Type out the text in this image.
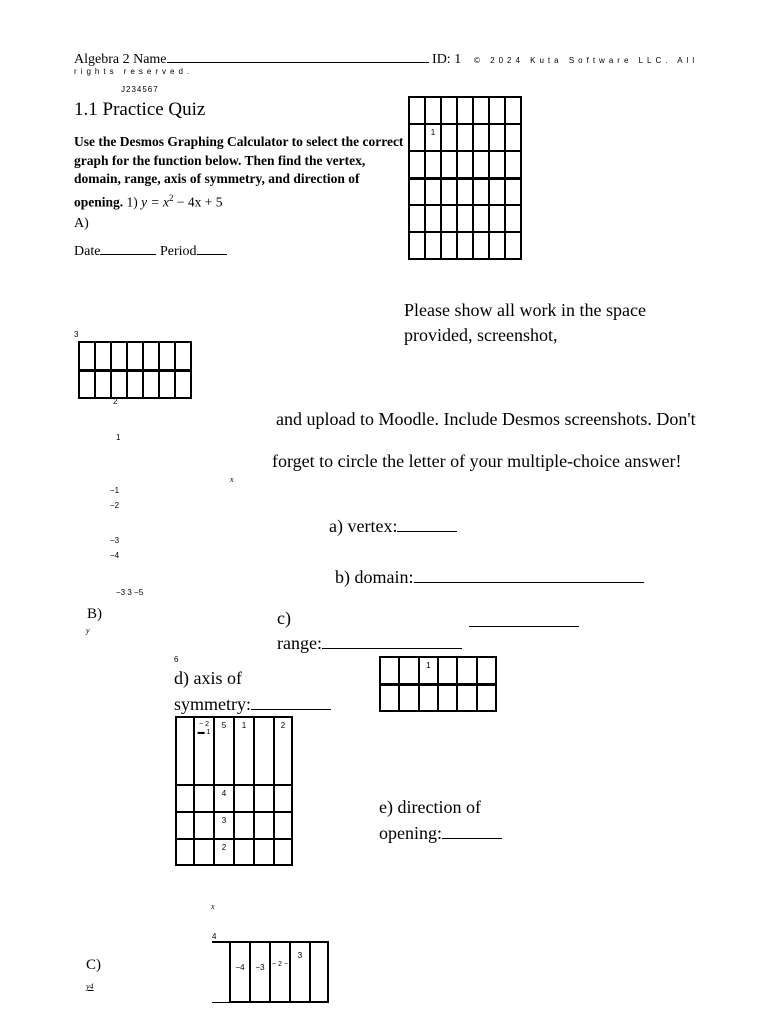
Algebra 2 Name	ID: 1 © 2024 Kuta Software LLC. All
rights reserved.
J234567
1.1 Practice Quiz
Use the Desmos Graphing Calculator to select the correct graph for the function below. Then find the vertex, domain, range, axis of symmetry, and direction of opening. 1) $y = x^2 - 4x + 5$
A)
Date	Period
1
Please show all work in the space
provided, screenshot,
and upload to Moodle. Include Desmos screenshots. Don't
forget to circle the letter of your multiple-choice answer!
3
2
1
x
−1
−2
−3
−4
−3 3 −5
a) vertex:
b) domain:
B)
y
c)
range:
6
d) axis of
symmetry:
1
− 2 ▬ 1
5	1	2
4
3
2
e) direction of
opening:
x
4
−4	−3	− 2 −
3
C)
y4
